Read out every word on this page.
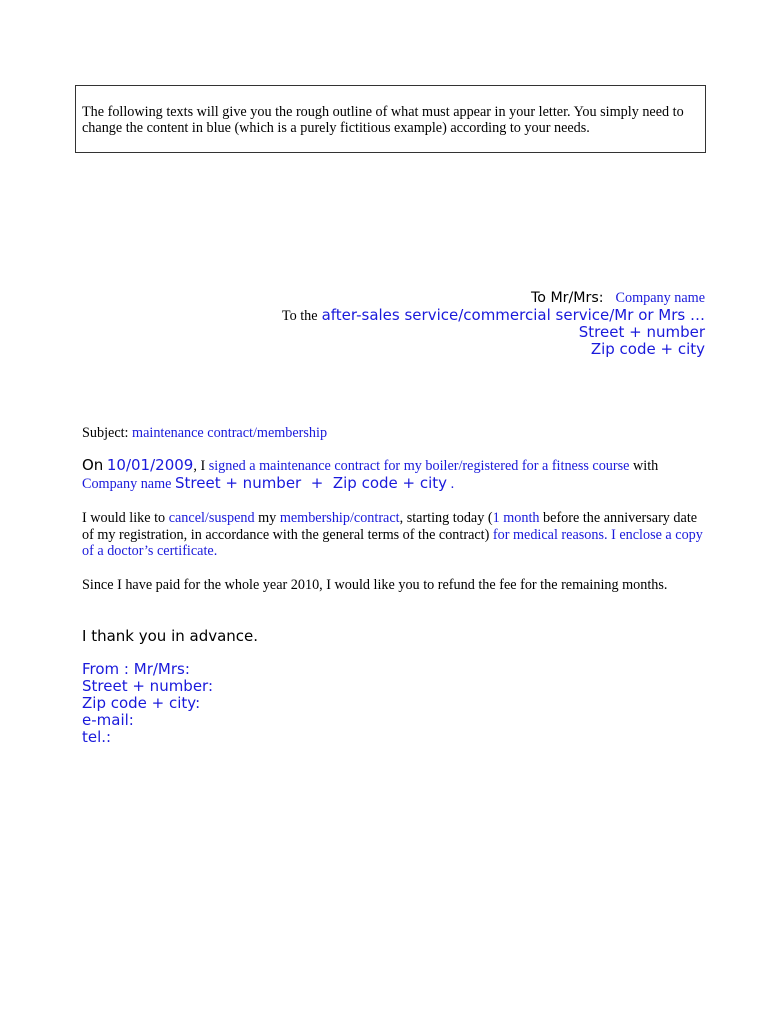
The following texts will give you the rough outline of what must appear in your letter. You simply need to change the content in blue (which is a purely fictitious example) according to your needs.
To Mr/Mrs: Company name
To the after-sales service/commercial service/Mr or Mrs …
Street + number
Zip code + city
Subject: maintenance contract/membership
On 10/01/2009, I signed a maintenance contract for my boiler/registered for a fitness course with
Company name Street + number  +  Zip code + city .
I would like to cancel/suspend my membership/contract, starting today (1 month before the anniversary date of my registration, in accordance with the general terms of the contract) for medical reasons. I enclose a copy of a doctor’s certificate.
Since I have paid for the whole year 2010, I would like you to refund the fee for the remaining months.
I thank you in advance.
From : Mr/Mrs:
Street + number:
Zip code + city:
e-mail:
tel.:
